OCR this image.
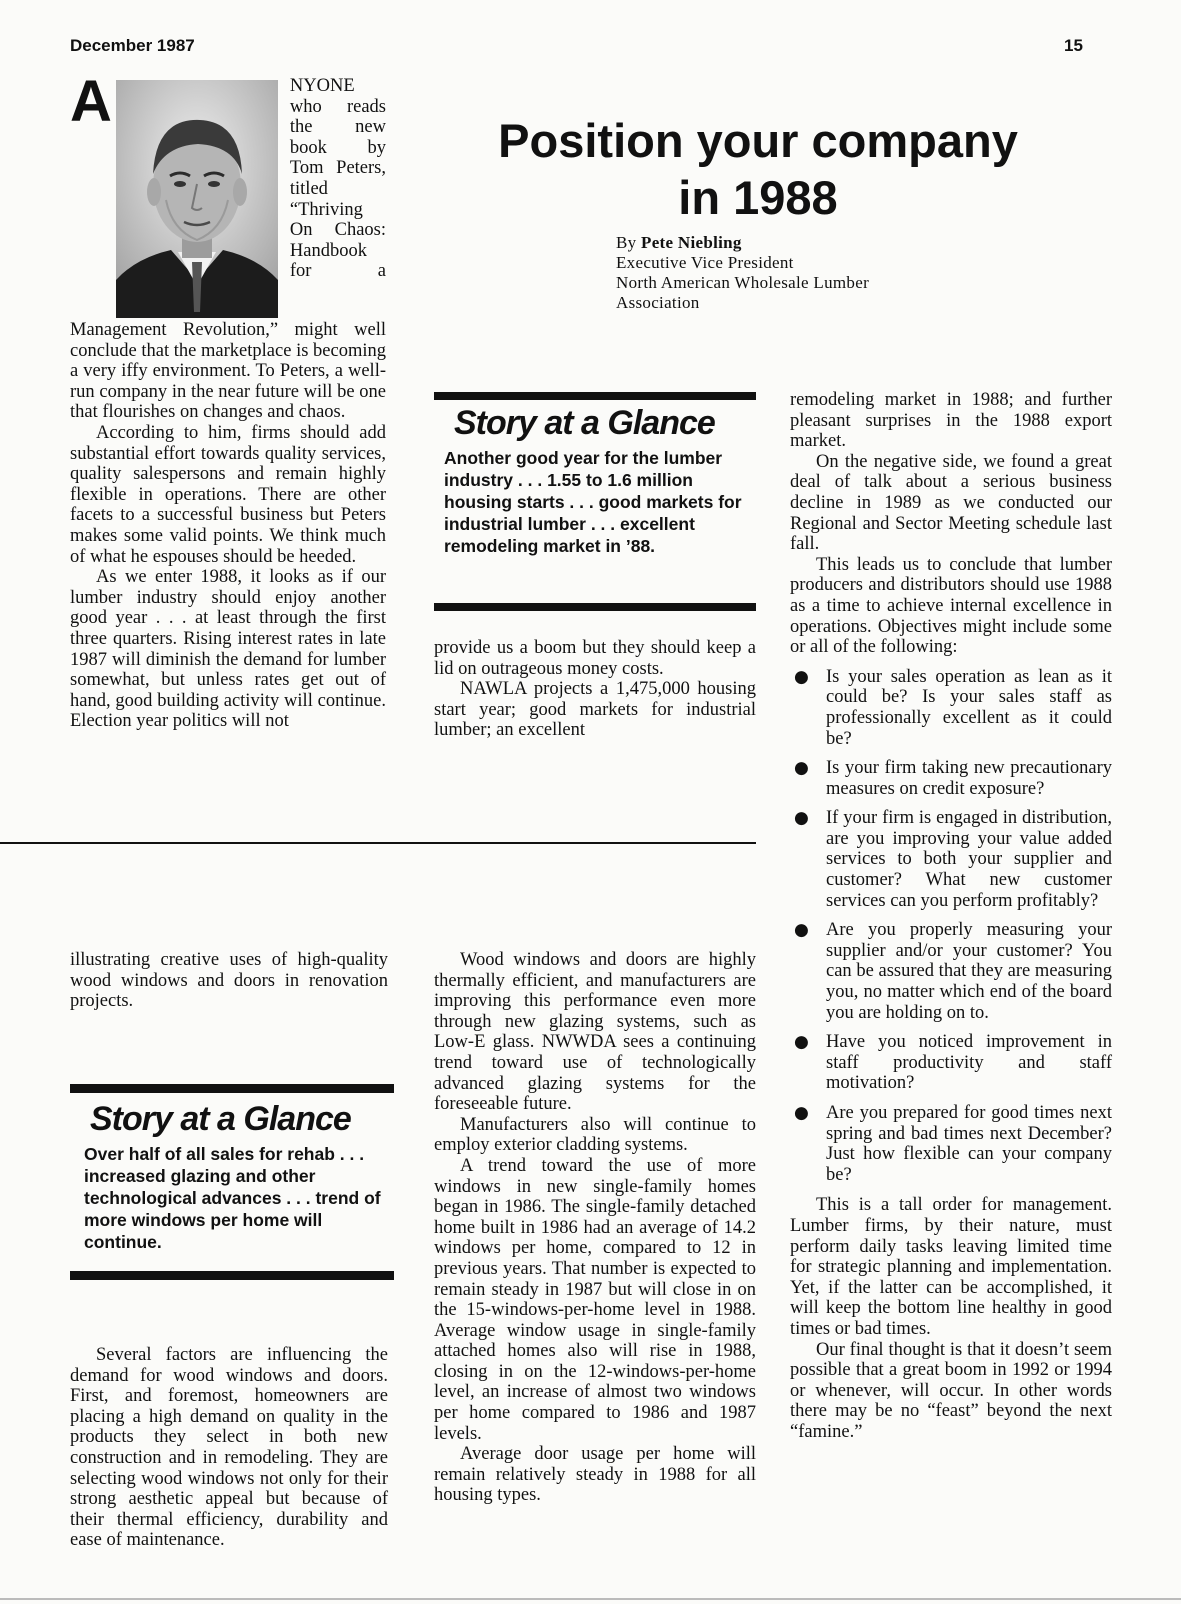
December 1987	15

A	NYONE who reads the new book by Tom Peters, titled “Thriving On Chaos: Handbook for a Management Revolution,” might well conclude that the marketplace is becoming a very iffy environment. To Peters, a well-run company in the near future will be one that flourishes on changes and chaos.

According to him, firms should add substantial effort towards quality services, quality salespersons and remain highly flexible in operations. There are other facets to a successful business but Peters makes some valid points. We think much of what he espouses should be heeded.

As we enter 1988, it looks as if our lumber industry should enjoy another good year . . . at least through the first three quarters. Rising interest rates in late 1987 will diminish the demand for lumber somewhat, but unless rates get out of hand, good building activity will continue. Election year politics will not

Position your company
in 1988
By Pete Niebling
Executive Vice President
North American Wholesale Lumber
Association
Story at a Glance
Another good year for the lumber industry . . . 1.55 to 1.6 million housing starts . . . good markets for industrial lumber . . . excellent remodeling market in ’88.

provide us a boom but they should keep a lid on outrageous money costs.

NAWLA projects a 1,475,000 housing start year; good markets for industrial lumber; an excellent

remodeling market in 1988; and further pleasant surprises in the 1988 export market.

On the negative side, we found a great deal of talk about a serious business decline in 1989 as we conducted our Regional and Sector Meeting schedule last fall.

This leads us to conclude that lumber producers and distributors should use 1988 as a time to achieve internal excellence in operations. Objectives might include some or all of the following:

● Is your sales operation as lean as it could be? Is your sales staff as professionally excellent as it could be?
● Is your firm taking new precautionary measures on credit exposure?
● If your firm is engaged in distribution, are you improving your value added services to both your supplier and customer? What new customer services can you perform profitably?
● Are you properly measuring your supplier and/or your customer? You can be assured that they are measuring you, no matter which end of the board you are holding on to.
● Have you noticed improvement in staff productivity and staff motivation?
● Are you prepared for good times next spring and bad times next December? Just how flexible can your company be?

This is a tall order for management. Lumber firms, by their nature, must perform daily tasks leaving limited time for strategic planning and implementation. Yet, if the latter can be accomplished, it will keep the bottom line healthy in good times or bad times.

Our final thought is that it doesn’t seem possible that a great boom in 1992 or 1994 or whenever, will occur. In other words there may be no “feast” beyond the next “famine.”

illustrating creative uses of high-quality wood windows and doors in renovation projects.

Story at a Glance
Over half of all sales for rehab . . . increased glazing and other technological advances . . . trend of more windows per home will continue.

Several factors are influencing the demand for wood windows and doors. First, and foremost, homeowners are placing a high demand on quality in the products they select in both new construction and in remodeling. They are selecting wood windows not only for their strong aesthetic appeal but because of their thermal efficiency, durability and ease of maintenance.

Wood windows and doors are highly thermally efficient, and manufacturers are improving this performance even more through new glazing systems, such as Low-E glass. NWWDA sees a continuing trend toward use of technologically advanced glazing systems for the foreseeable future.

Manufacturers also will continue to employ exterior cladding systems.

A trend toward the use of more windows in new single-family homes began in 1986. The single-family detached home built in 1986 had an average of 14.2 windows per home, compared to 12 in previous years. That number is expected to remain steady in 1987 but will close in on the 15-windows-per-home level in 1988. Average window usage in single-family attached homes also will rise in 1988, closing in on the 12-windows-per-home level, an increase of almost two windows per home compared to 1986 and 1987 levels.

Average door usage per home will remain relatively steady in 1988 for all housing types.
